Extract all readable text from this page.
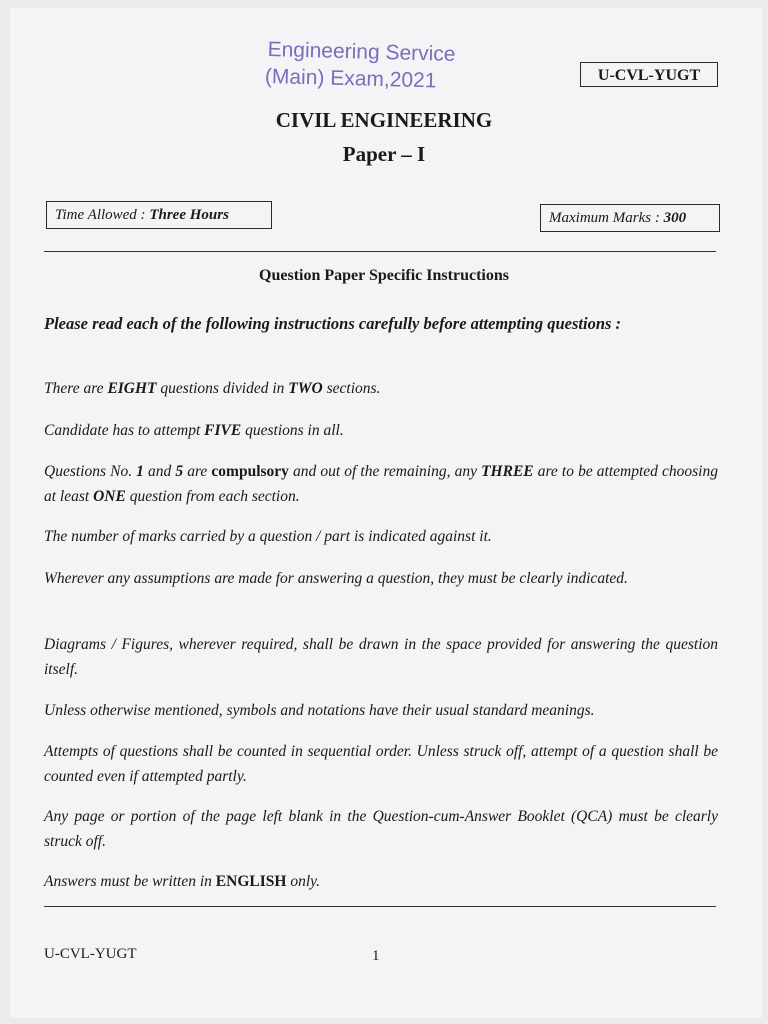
Engineering Service
(Main) Exam,2021	U-CVL-YUGT
CIVIL ENGINEERING
Paper – I
Time Allowed : Three Hours	Maximum Marks : 300
Question Paper Specific Instructions
Please read each of the following instructions carefully before attempting questions :
There are EIGHT questions divided in TWO sections.
Candidate has to attempt FIVE questions in all.
Questions No. 1 and 5 are compulsory and out of the remaining, any THREE are to be attempted choosing at least ONE question from each section.
The number of marks carried by a question / part is indicated against it.
Wherever any assumptions are made for answering a question, they must be clearly indicated.
Diagrams / Figures, wherever required, shall be drawn in the space provided for answering the question itself.
Unless otherwise mentioned, symbols and notations have their usual standard meanings.
Attempts of questions shall be counted in sequential order. Unless struck off, attempt of a question shall be counted even if attempted partly.
Any page or portion of the page left blank in the Question-cum-Answer Booklet (QCA) must be clearly struck off.
Answers must be written in ENGLISH only.
U-CVL-YUGT	1
